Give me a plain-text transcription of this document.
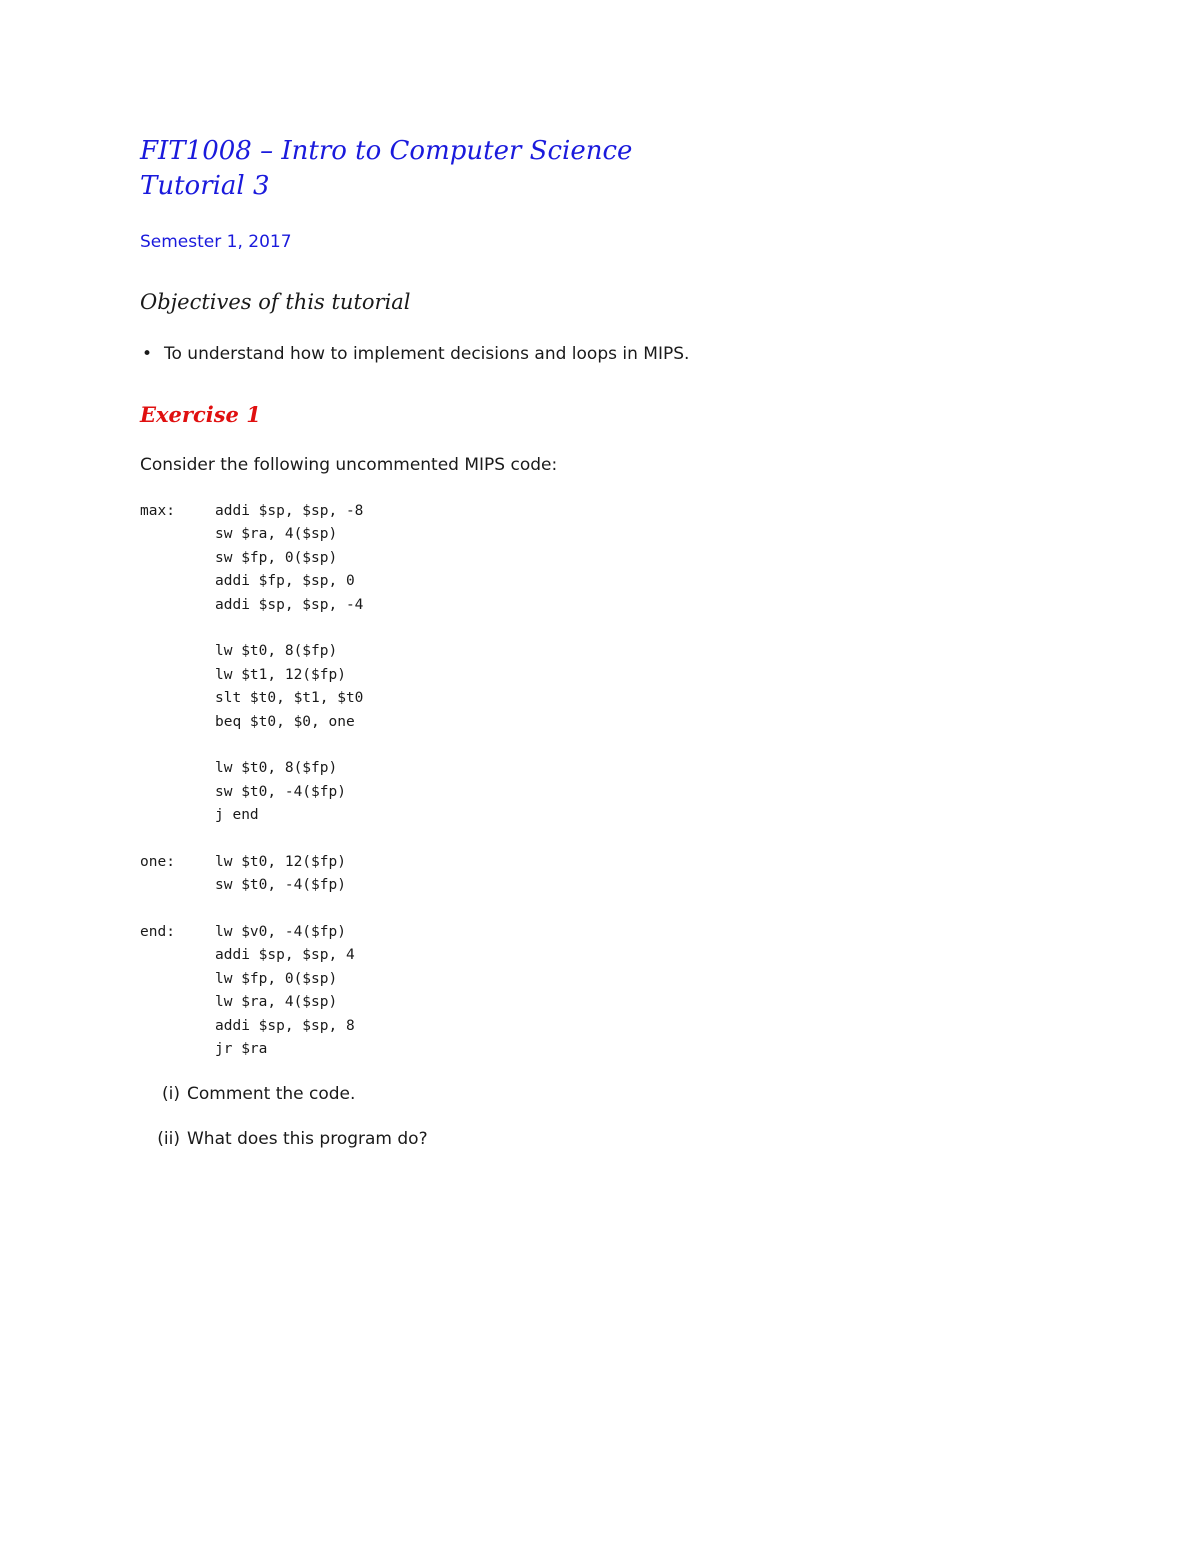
FIT1008 – Intro to Computer Science
Tutorial 3

Semester 1, 2017

Objectives of this tutorial
• To understand how to implement decisions and loops in MIPS.
Exercise 1

Consider the following uncommented MIPS code:

max:	addi $sp, $sp, -8
sw $ra, 4($sp)
sw $fp, 0($sp)
addi $fp, $sp, 0
addi $sp, $sp, -4
lw $t0, 8($fp)
lw $t1, 12($fp)
slt $t0, $t1, $t0
beq $t0, $0, one
lw $t0, 8($fp)
sw $t0, -4($fp)
j end
one:	lw $t0, 12($fp)
sw $t0, -4($fp)
end:	lw $v0, -4($fp)
addi $sp, $sp, 4
lw $fp, 0($sp)
lw $ra, 4($sp)
addi $sp, $sp, 8
jr $ra
(i) Comment the code.
(ii) What does this program do?
